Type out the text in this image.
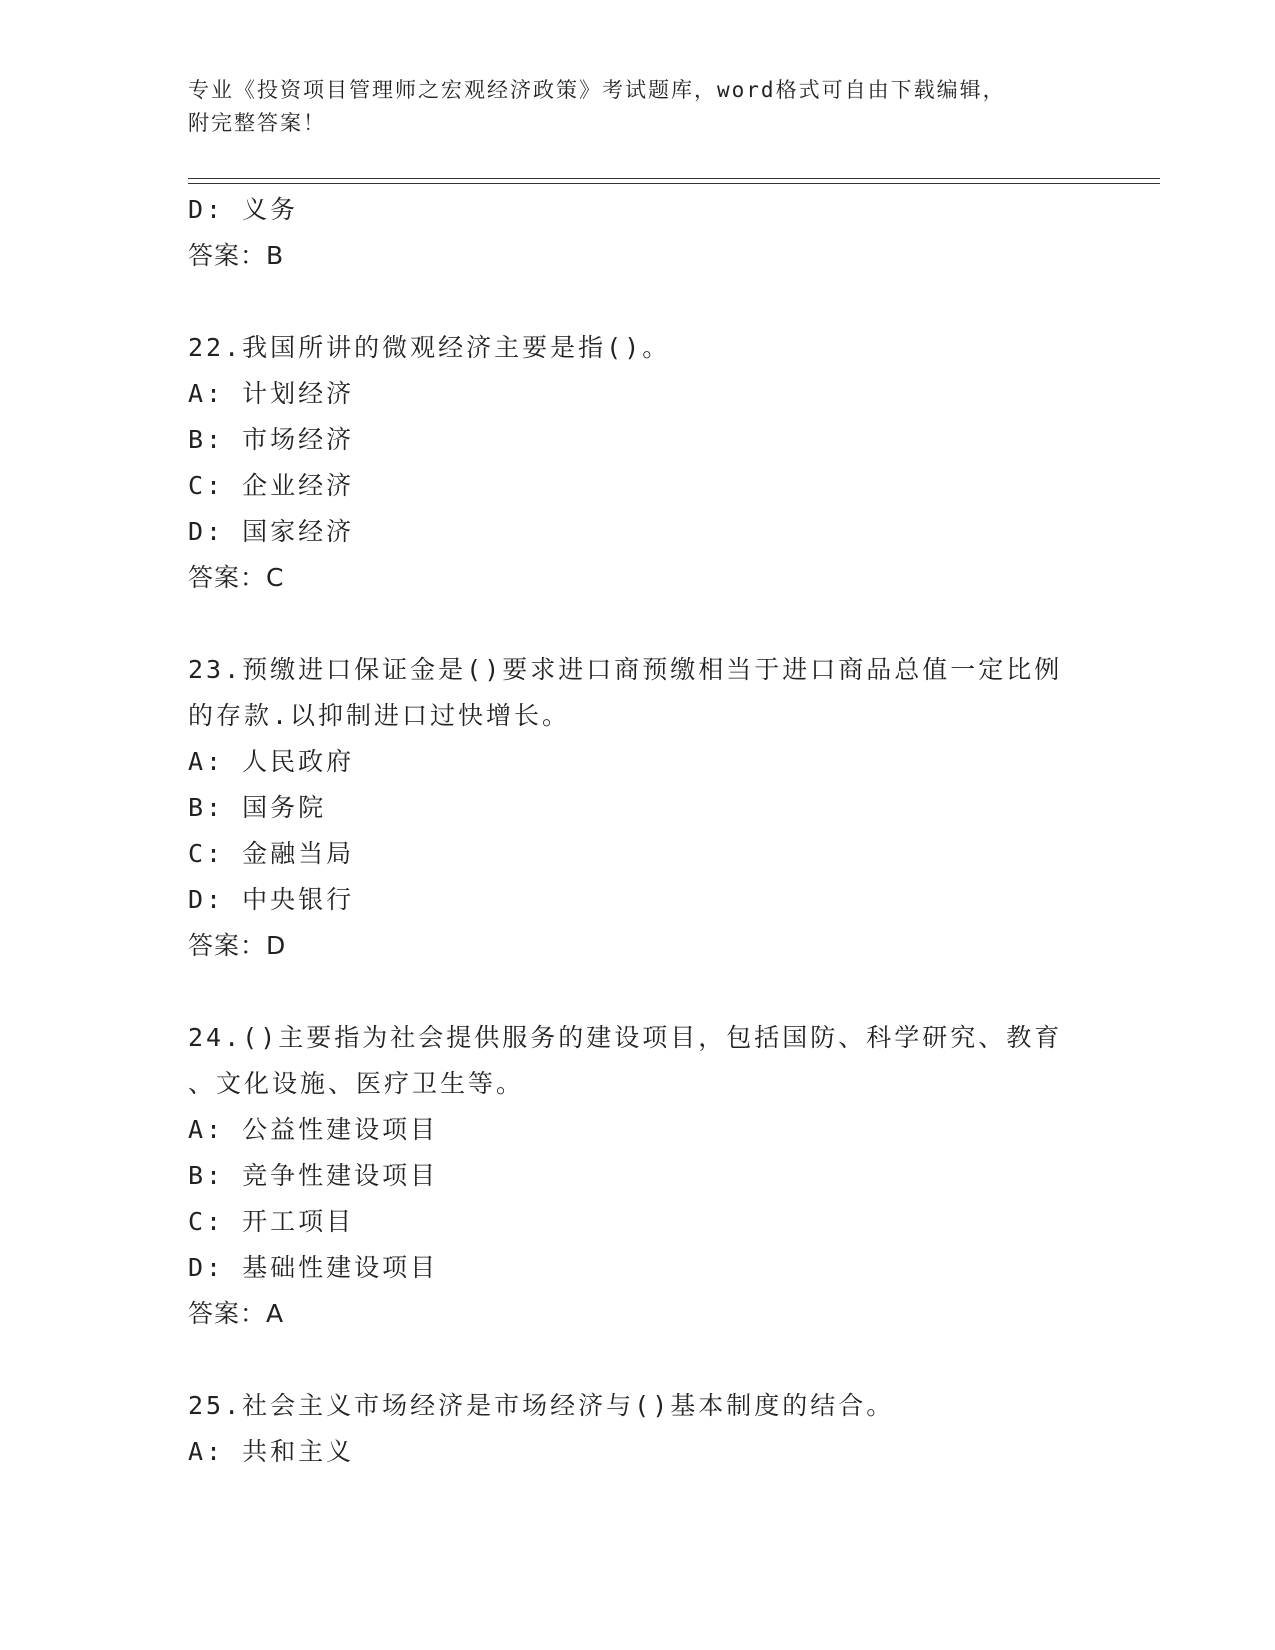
专业《投资项目管理师之宏观经济政策》考试题库，word格式可自由下载编辑，
附完整答案！
D: 义务
答案：B
22.我国所讲的微观经济主要是指()。
A: 计划经济
B: 市场经济
C: 企业经济
D: 国家经济
答案：C
23.预缴进口保证金是()要求进口商预缴相当于进口商品总值一定比例
的存款.以抑制进口过快增长。
A: 人民政府
B: 国务院
C: 金融当局
D: 中央银行
答案：D
24.()主要指为社会提供服务的建设项目，包括国防、科学研究、教育
、文化设施、医疗卫生等。
A: 公益性建设项目
B: 竞争性建设项目
C: 开工项目
D: 基础性建设项目
答案：A
25.社会主义市场经济是市场经济与()基本制度的结合。
A: 共和主义
